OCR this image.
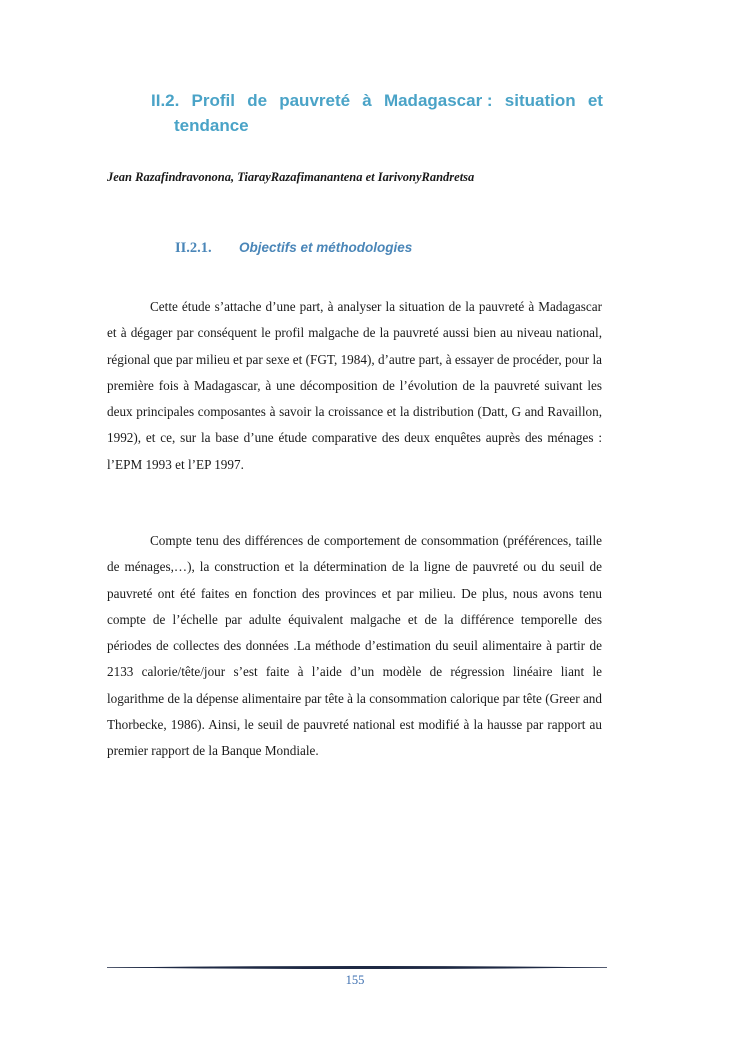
II.2. Profil de pauvreté à Madagascar : situation et
tendance

Jean Razafindravonona, TiarayRazafimanantena et IarivonyRandretsa

II.2.1.	Objectifs et méthodologies

Cette étude s’attache d’une part, à analyser la situation de la pauvreté à Madagascar et à dégager par conséquent le profil malgache de la pauvreté aussi bien au niveau national, régional que par milieu et par sexe et (FGT, 1984), d’autre part, à essayer de procéder, pour la première fois à Madagascar, à une décomposition de l’évolution de la pauvreté suivant les deux principales composantes à savoir la croissance et la distribution (Datt, G and Ravaillon, 1992), et ce, sur la base d’une étude comparative des deux enquêtes auprès des ménages : l’EPM 1993 et l’EP 1997.

Compte tenu des différences de comportement de consommation (préférences, taille de ménages,…), la construction et la détermination de la ligne de pauvreté ou du seuil de pauvreté ont été faites en fonction des provinces et par milieu. De plus, nous avons tenu compte de l’échelle par adulte équivalent malgache et de la différence temporelle des périodes de collectes des données .La méthode d’estimation du seuil alimentaire à partir de 2133 calorie/tête/jour s’est faite à l’aide d’un modèle de régression linéaire liant le logarithme de la dépense alimentaire par tête à la consommation calorique par tête (Greer and Thorbecke, 1986). Ainsi, le seuil de pauvreté national est modifié à la hausse par rapport au premier rapport de la Banque Mondiale.

155
